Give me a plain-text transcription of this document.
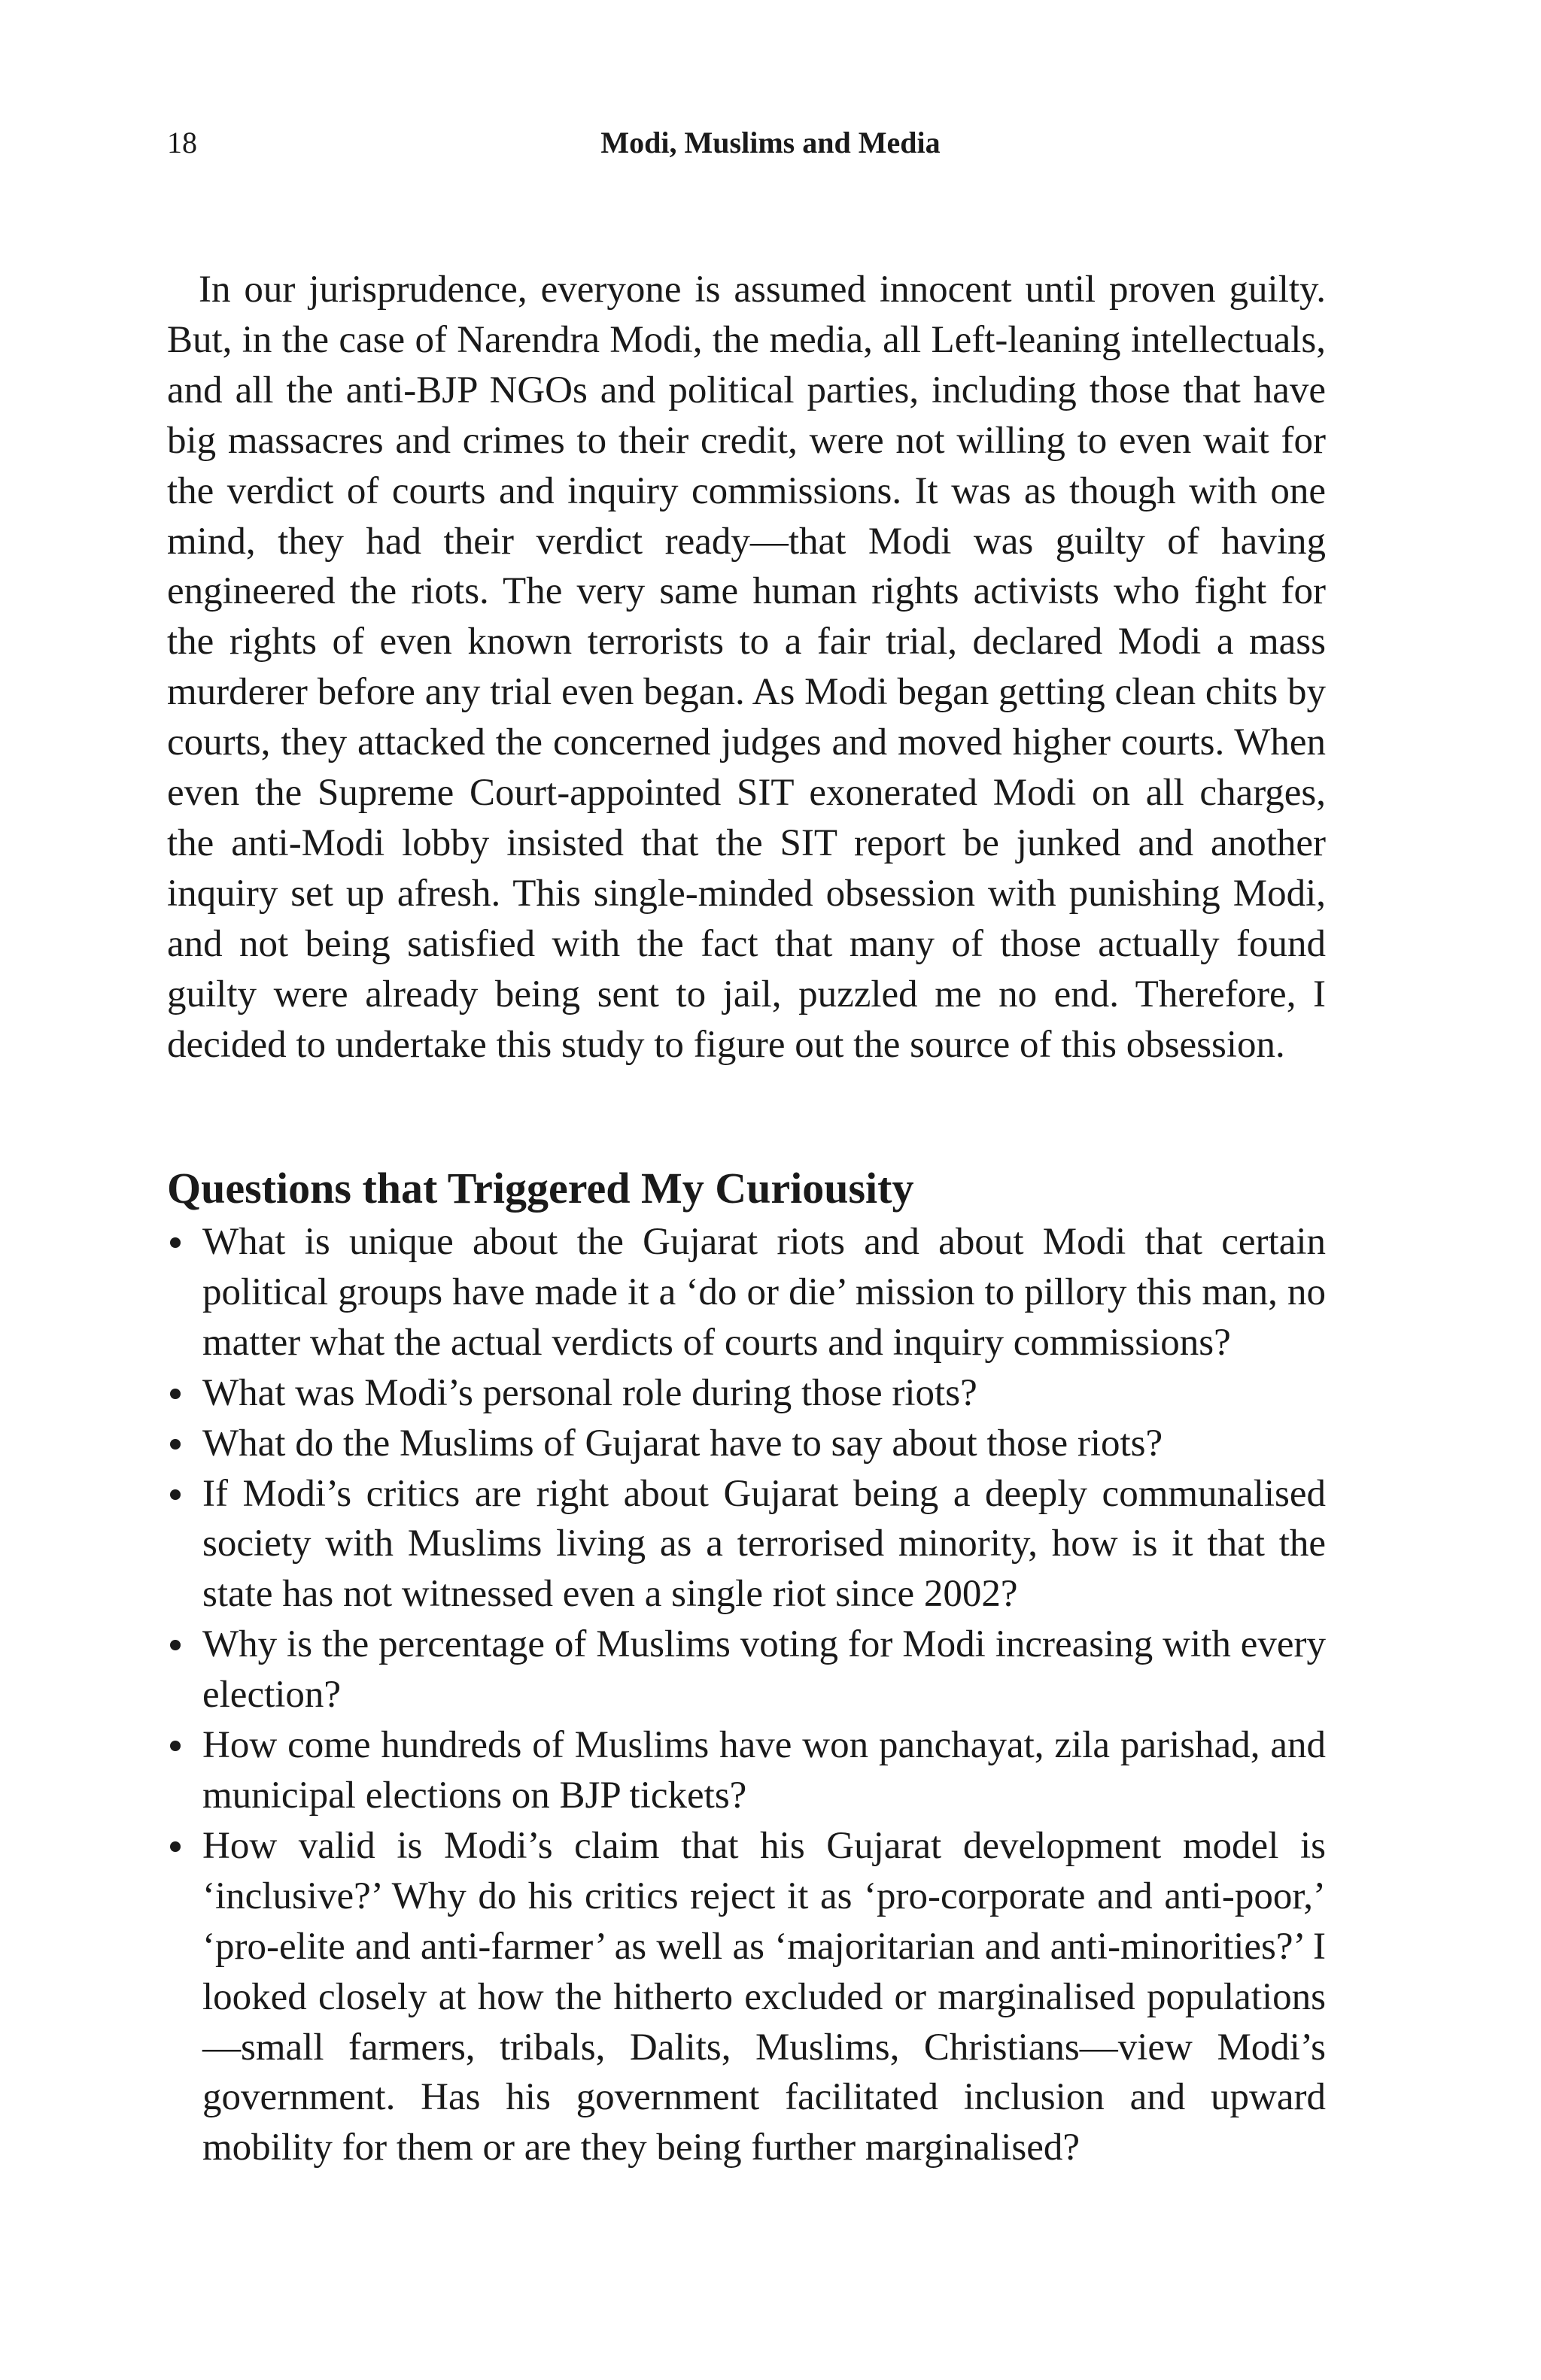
18	Modi, Muslims and Media

In our jurisprudence, everyone is assumed innocent until proven guilty. But, in the case of Narendra Modi, the media, all Left-leaning intellectuals, and all the anti-BJP NGOs and political parties, including those that have big massacres and crimes to their credit, were not willing to even wait for the verdict of courts and inquiry commissions. It was as though with one mind, they had their verdict ready—that Modi was guilty of having engineered the riots. The very same human rights activists who fight for the rights of even known terrorists to a fair trial, declared Modi a mass murderer before any trial even began. As Modi began getting clean chits by courts, they attacked the concerned judges and moved higher courts. When even the Supreme Court-appointed SIT exonerated Modi on all charges, the anti-Modi lobby insisted that the SIT report be junked and another inquiry set up afresh. This single-minded obsession with punishing Modi, and not being satisfied with the fact that many of those actually found guilty were already being sent to jail, puzzled me no end. Therefore, I decided to undertake this study to figure out the source of this obsession.

Questions that Triggered My Curiousity
What is unique about the Gujarat riots and about Modi that certain political groups have made it a ‘do or die’ mission to pillory this man, no matter what the actual verdicts of courts and inquiry commissions?
What was Modi’s personal role during those riots?
What do the Muslims of Gujarat have to say about those riots?
If Modi’s critics are right about Gujarat being a deeply communalised society with Muslims living as a terrorised minority, how is it that the state has not witnessed even a single riot since 2002?
Why is the percentage of Muslims voting for Modi increasing with every election?
How come hundreds of Muslims have won panchayat, zila parishad, and municipal elections on BJP tickets?
How valid is Modi’s claim that his Gujarat development model is ‘inclusive?’ Why do his critics reject it as ‘pro-corporate and anti-poor,’ ‘pro-elite and anti-farmer’ as well as ‘majoritarian and anti-minorities?’ I looked closely at how the hitherto excluded or marginalised populations—small farmers, tribals, Dalits, Muslims, Christians—view Modi’s government. Has his government facilitated inclusion and upward mobility for them or are they being further marginalised?
